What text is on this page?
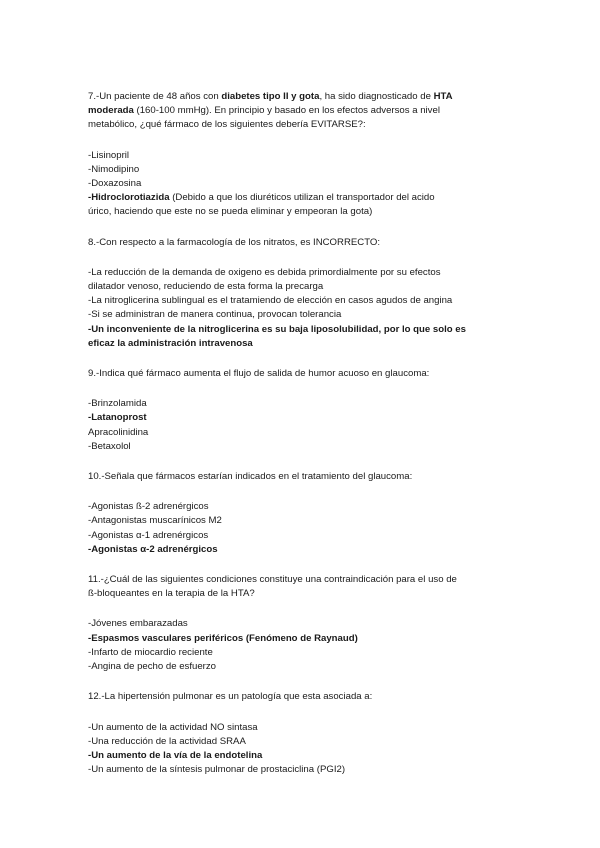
7.-Un paciente de 48 años con diabetes tipo II y gota, ha sido diagnosticado de HTA
moderada (160-100 mmHg). En principio y basado en los efectos adversos a nivel
metabólico, ¿qué fármaco de los siguientes debería EVITARSE?:
-Lisinopril
-Nimodipino
-Doxazosina
-Hidroclorotiazida (Debido a que los diuréticos utilizan el transportador del acido
úrico, haciendo que este no se pueda eliminar y empeoran la gota)
8.-Con respecto a la farmacología de los nitratos, es INCORRECTO:
-La reducción de la demanda de oxigeno es debida primordialmente por su efectos
dilatador venoso, reduciendo de esta forma la precarga
-La nitroglicerina sublingual es el tratamiendo de elección en casos agudos de angina
-Si se administran de manera continua, provocan tolerancia
-Un inconveniente de la nitroglicerina es su baja liposolubilidad, por lo que solo es
eficaz la administración intravenosa
9.-Indica qué fármaco aumenta el flujo de salida de humor acuoso en glaucoma:
-Brinzolamida
-Latanoprost
Apracolinidina
-Betaxolol
10.-Señala que fármacos estarían indicados en el tratamiento del glaucoma:
-Agonistas ß-2 adrenérgicos
-Antagonistas muscarínicos M2
-Agonistas α-1 adrenérgicos
-Agonistas α-2 adrenérgicos
11.-¿Cuál de las siguientes condiciones constituye una contraindicación para el uso de
ß-bloqueantes en la terapia de la HTA?
-Jóvenes embarazadas
-Espasmos vasculares periféricos (Fenómeno de Raynaud)
-Infarto de miocardio reciente
-Angina de pecho de esfuerzo
12.-La hipertensión pulmonar es un patología que esta asociada a:
-Un aumento de la actividad NO sintasa
-Una reducción de la actividad SRAA
-Un aumento de la vía de la endotelina
-Un aumento de la síntesis pulmonar de prostaciclina (PGI2)
